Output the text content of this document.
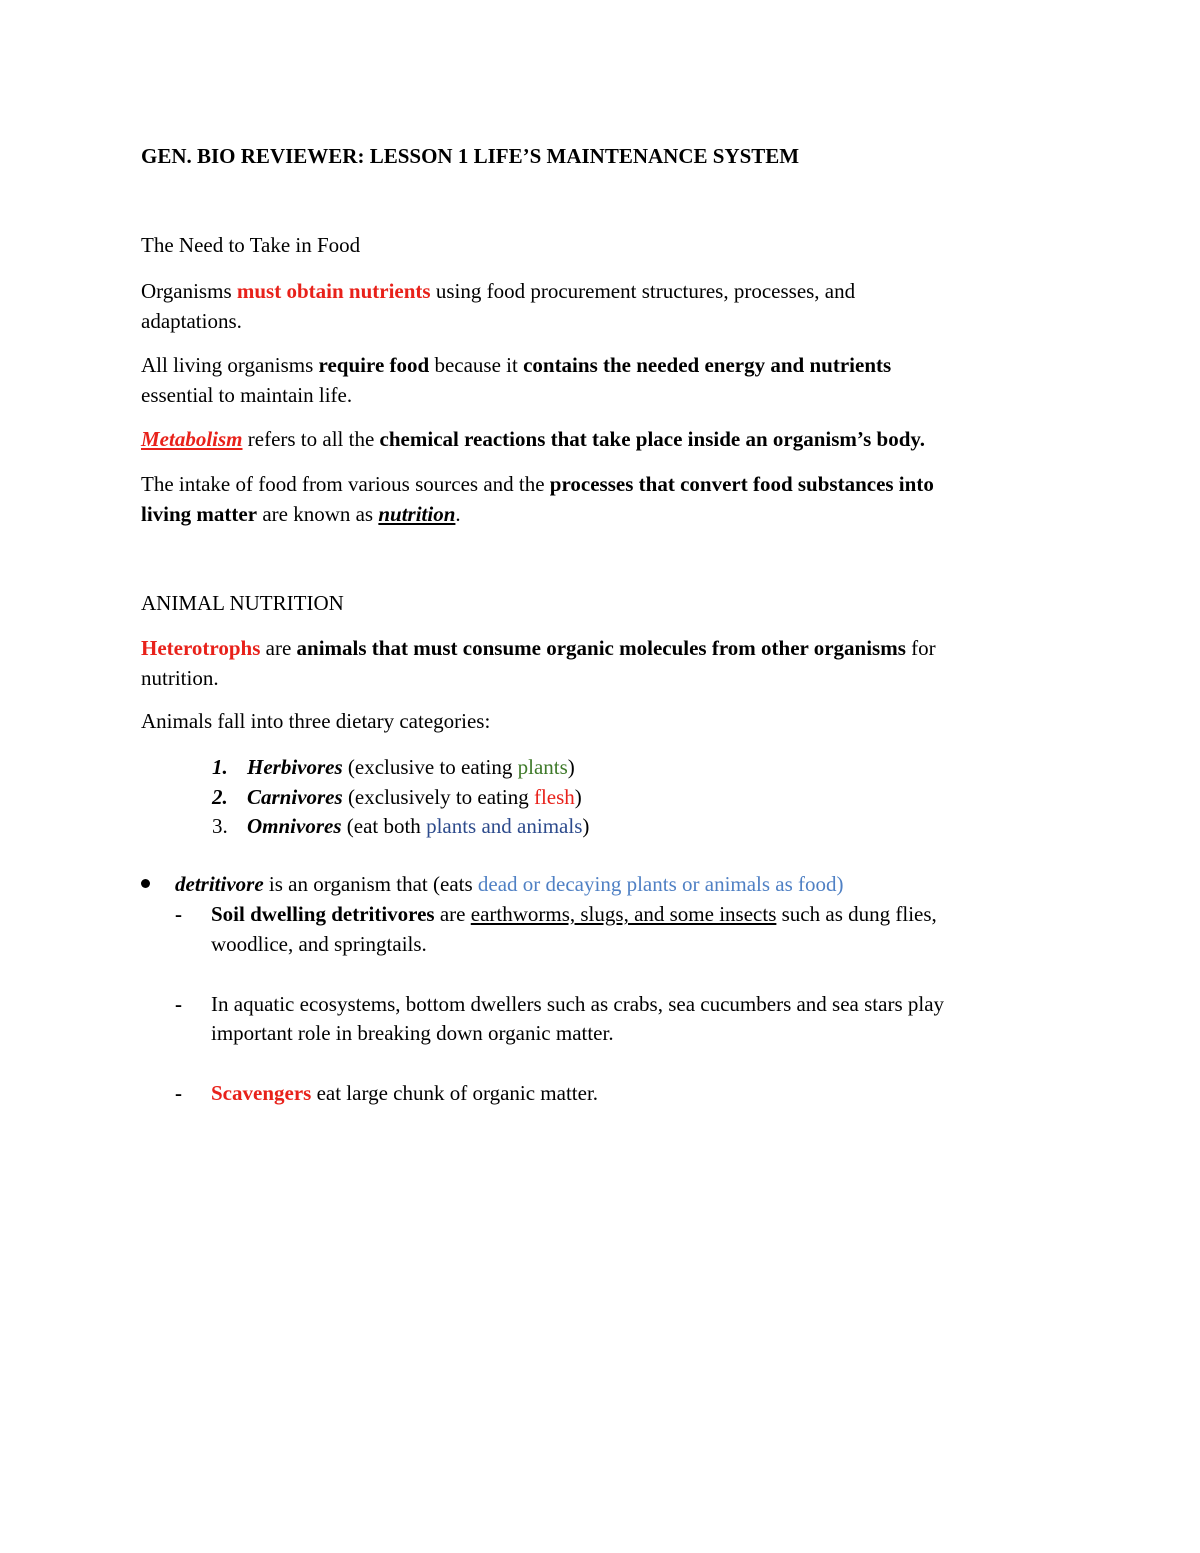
GEN. BIO REVIEWER: LESSON 1 LIFE’S MAINTENANCE SYSTEM
The Need to Take in Food
Organisms must obtain nutrients using food procurement structures, processes, and
adaptations.
All living organisms require food because it contains the needed energy and nutrients
essential to maintain life.
Metabolism refers to all the chemical reactions that take place inside an organism’s body.
The intake of food from various sources and the processes that convert food substances into
living matter are known as nutrition.
ANIMAL NUTRITION
Heterotrophs are animals that must consume organic molecules from other organisms for
nutrition.
Animals fall into three dietary categories:
1. Herbivores (exclusive to eating plants)
2. Carnivores (exclusively to eating flesh)
3. Omnivores (eat both plants and animals)
detritivore is an organism that (eats dead or decaying plants or animals as food)
- Soil dwelling detritivores are earthworms, slugs, and some insects such as dung flies,
woodlice, and springtails.
- In aquatic ecosystems, bottom dwellers such as crabs, sea cucumbers and sea stars play
important role in breaking down organic matter.
- Scavengers eat large chunk of organic matter.
